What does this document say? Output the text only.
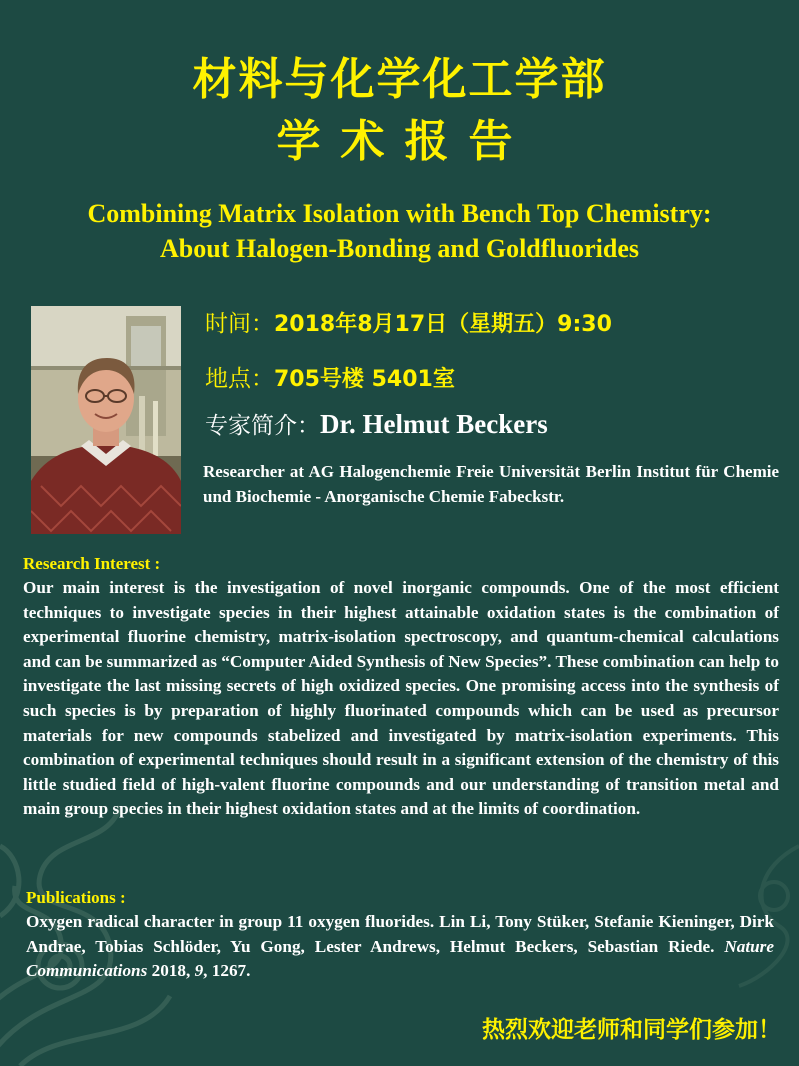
材料与化学化工学部
学术报告
Combining Matrix Isolation with Bench Top Chemistry:
About Halogen-Bonding and Goldfluorides
时间：2018年8月17日（星期五）9:30
地点：705号楼 5401室
专家简介：Dr. Helmut Beckers

Researcher at AG Halogenchemie Freie Universität Berlin Institut für Chemie und Biochemie - Anorganische Chemie Fabeckstr.

Research Interest :

Our main interest is the investigation of novel inorganic compounds. One of the most efficient techniques to investigate species in their highest attainable oxidation states is the combination of experimental fluorine chemistry, matrix-isolation spectroscopy, and quantum-chemical calculations and can be summarized as “Computer Aided Synthesis of New Species”. These combination can help to investigate the last missing secrets of high oxidized species. One promising access into the synthesis of such species is by preparation of highly fluorinated compounds which can be used as precursor materials for new compounds stabelized and investigated by matrix-isolation experiments. This combination of experimental techniques should result in a significant extension of the chemistry of this little studied field of high-valent fluorine compounds and our understanding of transition metal and main group species in their highest oxidation states and at the limits of coordination.

Publications :

Oxygen radical character in group 11 oxygen fluorides. Lin Li, Tony Stüker, Stefanie Kieninger, Dirk Andrae, Tobias Schlöder, Yu Gong, Lester Andrews, Helmut Beckers, Sebastian Riede. Nature Communications 2018, 9, 1267.

热烈欢迎老师和同学们参加！
